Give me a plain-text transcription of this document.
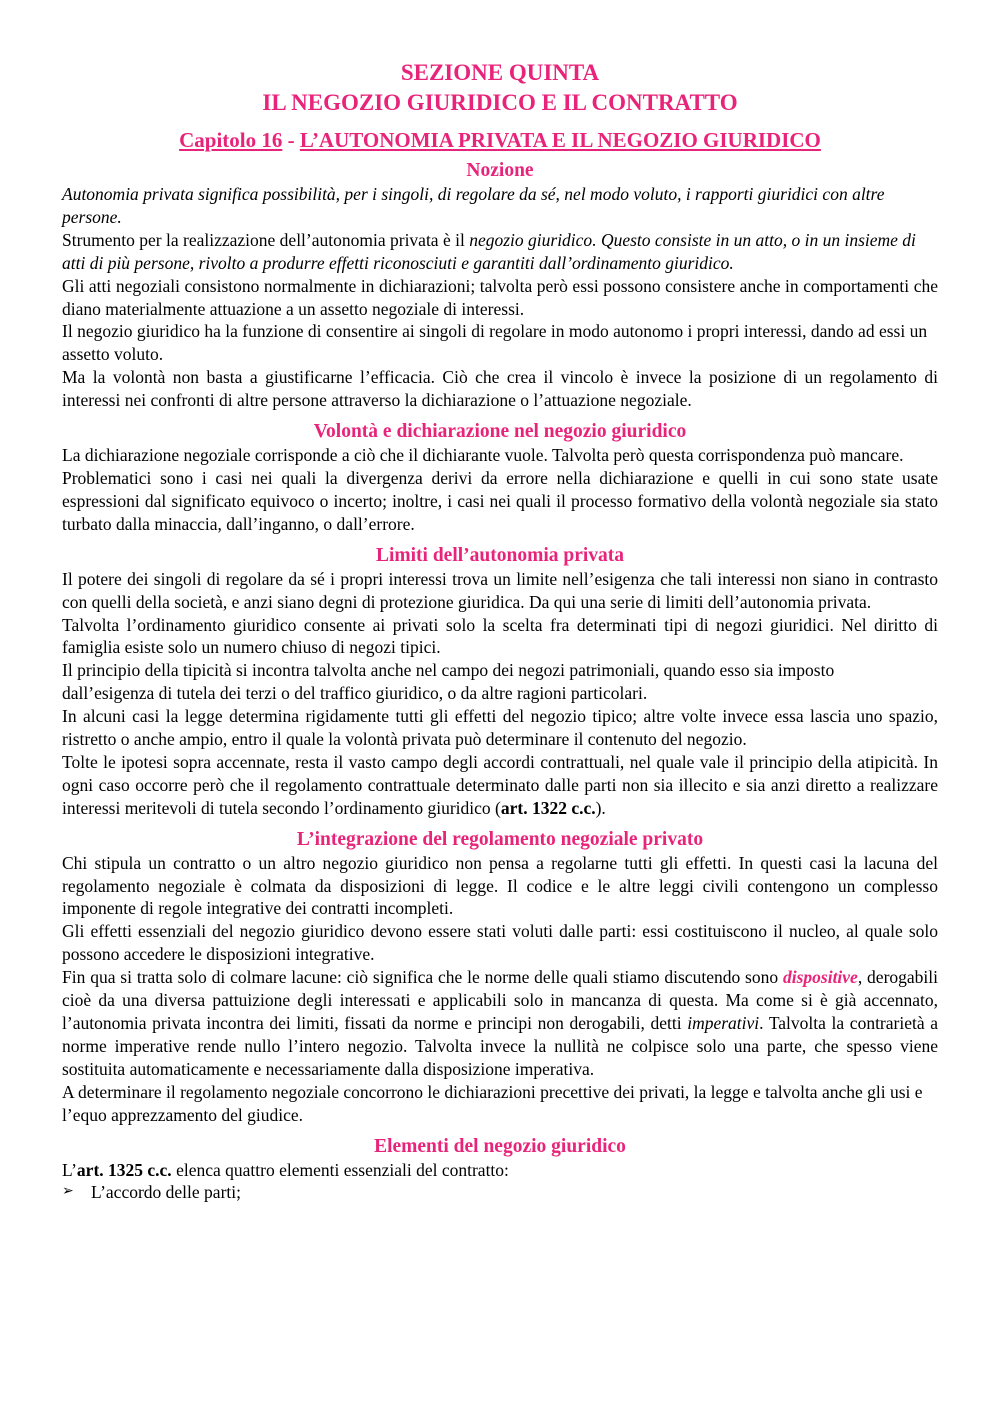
SEZIONE QUINTA
IL NEGOZIO GIURIDICO E IL CONTRATTO
Capitolo 16 - L’AUTONOMIA PRIVATA E IL NEGOZIO GIURIDICO
Nozione

Autonomia privata significa possibilità, per i singoli, di regolare da sé, nel modo voluto, i rapporti giuridici con altre persone.

Strumento per la realizzazione dell’autonomia privata è il negozio giuridico. Questo consiste in un atto, o in un insieme di atti di più persone, rivolto a produrre effetti riconosciuti e garantiti dall’ordinamento giuridico.

Gli atti negoziali consistono normalmente in dichiarazioni; talvolta però essi possono consistere anche in comportamenti che diano materialmente attuazione a un assetto negoziale di interessi.

Il negozio giuridico ha la funzione di consentire ai singoli di regolare in modo autonomo i propri interessi, dando ad essi un assetto voluto.

Ma la volontà non basta a giustificarne l’efficacia. Ciò che crea il vincolo è invece la posizione di un regolamento di interessi nei confronti di altre persone attraverso la dichiarazione o l’attuazione negoziale.

Volontà e dichiarazione nel negozio giuridico

La dichiarazione negoziale corrisponde a ciò che il dichiarante vuole. Talvolta però questa corrispondenza può mancare.

Problematici sono i casi nei quali la divergenza derivi da errore nella dichiarazione e quelli in cui sono state usate espressioni dal significato equivoco o incerto; inoltre, i casi nei quali il processo formativo della volontà negoziale sia stato turbato dalla minaccia, dall’inganno, o dall’errore.

Limiti dell’autonomia privata

Il potere dei singoli di regolare da sé i propri interessi trova un limite nell’esigenza che tali interessi non siano in contrasto con quelli della società, e anzi siano degni di protezione giuridica. Da qui una serie di limiti dell’autonomia privata.

Talvolta l’ordinamento giuridico consente ai privati solo la scelta fra determinati tipi di negozi giuridici. Nel diritto di famiglia esiste solo un numero chiuso di negozi tipici.

Il principio della tipicità si incontra talvolta anche nel campo dei negozi patrimoniali, quando esso sia imposto

dall’esigenza di tutela dei terzi o del traffico giuridico, o da altre ragioni particolari.

In alcuni casi la legge determina rigidamente tutti gli effetti del negozio tipico; altre volte invece essa lascia uno spazio, ristretto o anche ampio, entro il quale la volontà privata può determinare il contenuto del negozio.

Tolte le ipotesi sopra accennate, resta il vasto campo degli accordi contrattuali, nel quale vale il principio della atipicità. In ogni caso occorre però che il regolamento contrattuale determinato dalle parti non sia illecito e sia anzi diretto a realizzare interessi meritevoli di tutela secondo l’ordinamento giuridico (art. 1322 c.c.).

L’integrazione del regolamento negoziale privato

Chi stipula un contratto o un altro negozio giuridico non pensa a regolarne tutti gli effetti. In questi casi la lacuna del regolamento negoziale è colmata da disposizioni di legge. Il codice e le altre leggi civili contengono un complesso imponente di regole integrative dei contratti incompleti.

Gli effetti essenziali del negozio giuridico devono essere stati voluti dalle parti: essi costituiscono il nucleo, al quale solo possono accedere le disposizioni integrative.

Fin qua si tratta solo di colmare lacune: ciò significa che le norme delle quali stiamo discutendo sono dispositive, derogabili cioè da una diversa pattuizione degli interessati e applicabili solo in mancanza di questa. Ma come si è già accennato, l’autonomia privata incontra dei limiti, fissati da norme e principi non derogabili, detti imperativi. Talvolta la contrarietà a norme imperative rende nullo l’intero negozio. Talvolta invece la nullità ne colpisce solo una parte, che spesso viene sostituita automaticamente e necessariamente dalla disposizione imperativa.

A determinare il regolamento negoziale concorrono le dichiarazioni precettive dei privati, la legge e talvolta anche gli usi e l’equo apprezzamento del giudice.

Elementi del negozio giuridico

L’art. 1325 c.c. elenca quattro elementi essenziali del contratto:

➢ L’accordo delle parti;
